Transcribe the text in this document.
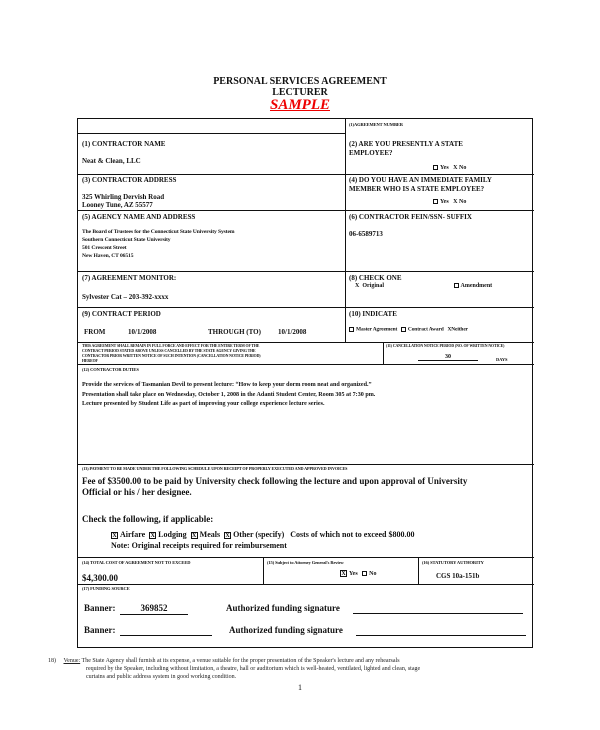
PERSONAL SERVICES AGREEMENT
LECTURER
SAMPLE
(1)AGREEMENT NUMBER
(1) CONTRACTOR NAME
Neat & Clean, LLC
(2) ARE YOU PRESENTLY A STATE
EMPLOYEE?
Yes X No
(3) CONTRACTOR ADDRESS
325 Whirling Dervish Road
Looney Tune, AZ 55577
(4) DO YOU HAVE AN IMMEDIATE FAMILY
MEMBER WHO IS A STATE EMPLOYEE?
Yes X No
(5) AGENCY NAME AND ADDRESS
The Board of Trustees for the Connecticut State University System
Southern Connecticut State University
501 Crescent Street
New Haven, CT 06515
(6) CONTRACTOR FEIN/SSN- SUFFIX
06-6589713
(7) AGREEMENT MONITOR:
Sylvester Cat – 203-392-xxxx
(8) CHECK ONE
X Original	Amendment
(9) CONTRACT PERIOD
FROM	10/1/2008	THROUGH (TO) 10/1/2008
(10) INDICATE
Master Agreement Contract Award XNeither
THIS AGREEMENT SHALL REMAIN IN FULL FORCE AND EFFECT FOR THE ENTIRE TERM OF THE
CONTRACT PERIOD STATED ABOVE UNLESS CANCELLED BY THE STATE AGENCY GIVING THE
CONTRACTOR PRIOR WRITTEN NOTICE OF SUCH INTENTION (CANCELLATION NOTICE PERIOD)
HEREOF
(11) CANCELLATION NOTICE PERIOD (NO. OF WRITTEN NOTICE)
30	DAYS
(12) CONTRACTOR DUTIES
Provide the services of Tasmanian Devil to present lecture: “How to keep your dorm room neat and organized.”
Presentation shall take place on Wednesday, October 1, 2008 in the Adanti Student Center, Room 305 at 7:30 pm.
Lecture presented by Student Life as part of improving your college experience lecture series.
(13) PAYMENT TO BE MADE UNDER THE FOLLOWING SCHEDULE UPON RECEIPT OF PROPERLY EXECUTED AND APPROVED INVOICES
Fee of $3500.00 to be paid by University check following the lecture and upon approval of University
Official or his / her designee.
Check the following, if applicable:
X Airfare X Lodging X Meals X Other (specify) Costs of which not to exceed $800.00
Note: Original receipts required for reimbursement
(14) TOTAL COST OF AGREEMENT NOT TO EXCEED
$4,300.00
(15) Subject to Attorney General's Review
X Yes No
(16) STATUTORY AUTHORITY
CGS 10a-151b
(17) FUNDING SOURCE
Banner:	369852	Authorized funding signature
Banner:	Authorized funding signature
18) Venue: The State Agency shall furnish at its expense, a venue suitable for the proper presentation of the Speaker's lecture and any rehearsals
required by the Speaker, including without limitation, a theatre, hall or auditorium which is well-heated, ventilated, lighted and clean, stage
curtains and public address system in good working condition.
1
